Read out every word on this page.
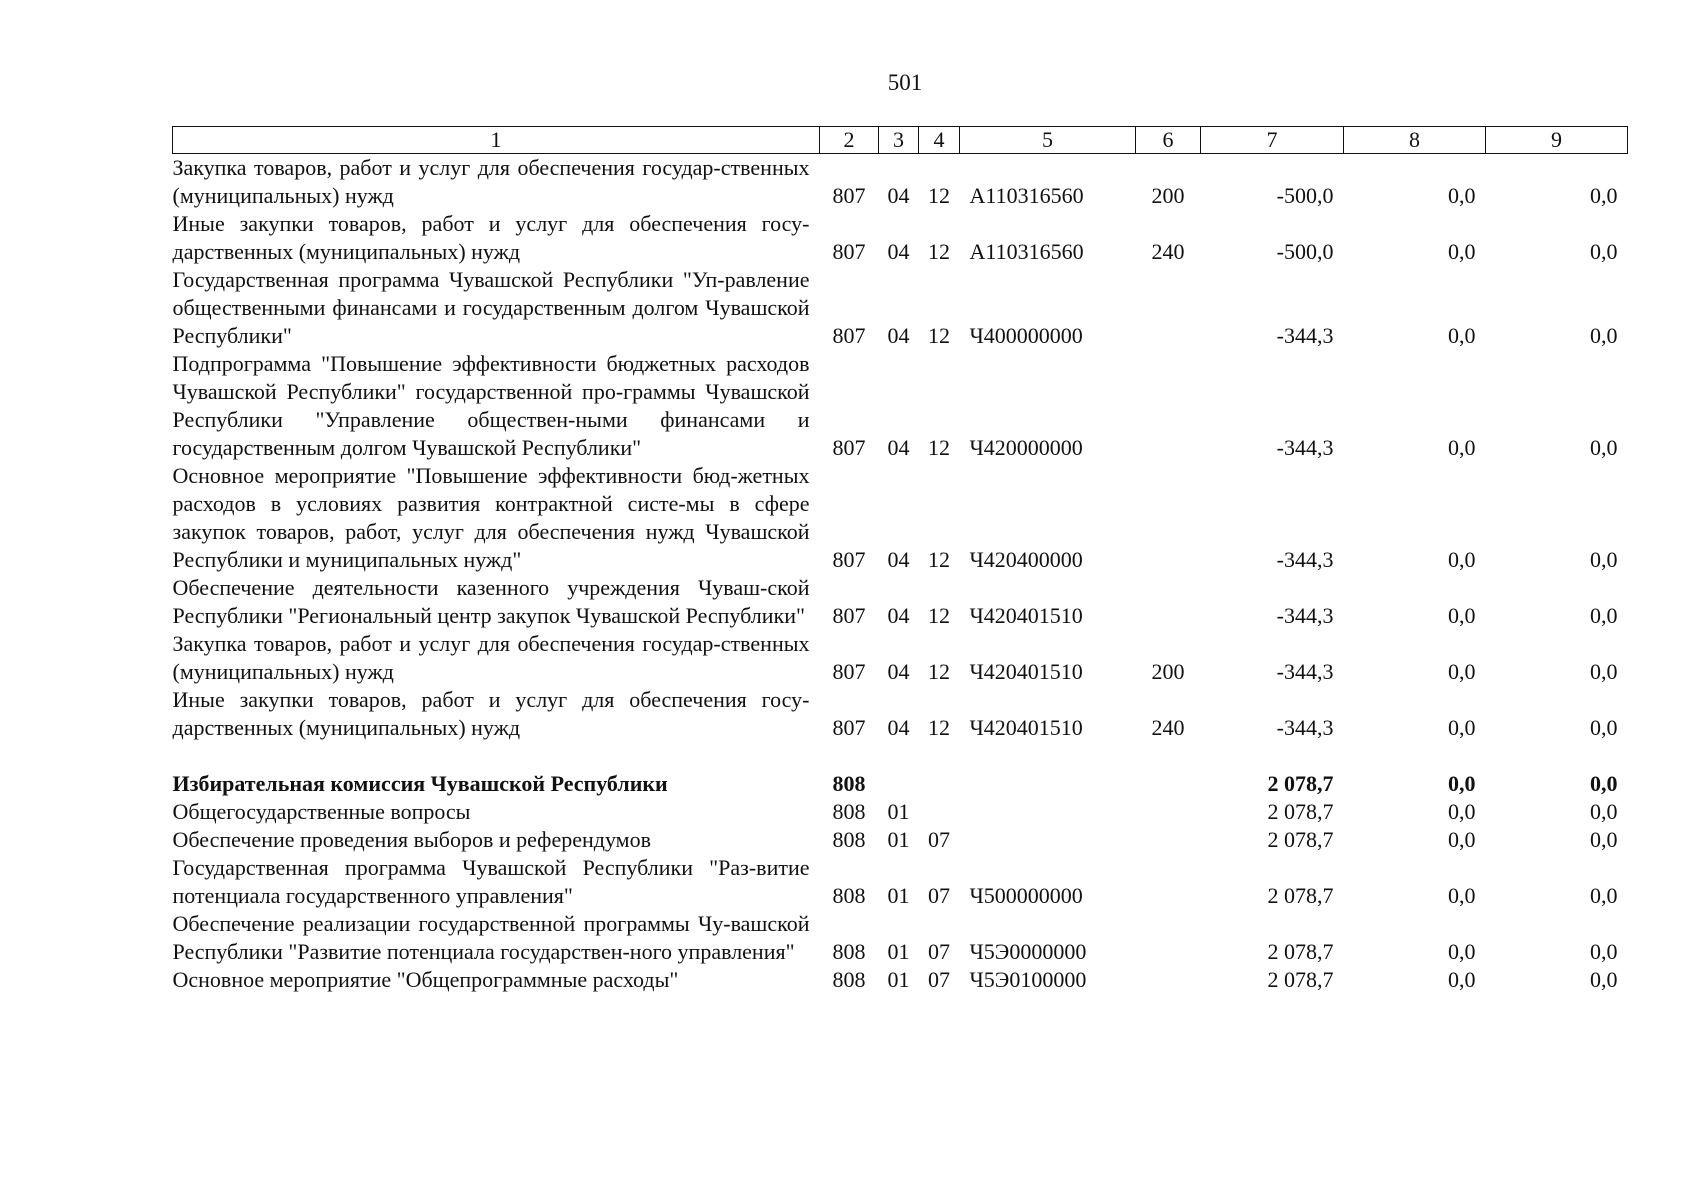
501
1	2	3	4	5	6	7	8	9
Закупка товаров, работ и услуг для обеспечения государ-ственных (муниципальных) нужд	807	04	12	А110316560	200	-500,0	0,0	0,0
Иные закупки товаров, работ и услуг для обеспечения госу-дарственных (муниципальных) нужд	807	04	12	А110316560	240	-500,0	0,0	0,0
Государственная программа Чувашской Республики "Уп-равление общественными финансами и государственным долгом Чувашской Республики"	807	04	12	Ч400000000		-344,3	0,0	0,0
Подпрограмма "Повышение эффективности бюджетных расходов Чувашской Республики" государственной про-граммы Чувашской Республики "Управление обществен-ными финансами и государственным долгом Чувашской Республики"	807	04	12	Ч420000000		-344,3	0,0	0,0
Основное мероприятие "Повышение эффективности бюд-жетных расходов в условиях развития контрактной систе-мы в сфере закупок товаров, работ, услуг для обеспечения нужд Чувашской Республики и муниципальных нужд"	807	04	12	Ч420400000		-344,3	0,0	0,0
Обеспечение деятельности казенного учреждения Чуваш-ской Республики "Региональный центр закупок Чувашской Республики"	807	04	12	Ч420401510		-344,3	0,0	0,0
Закупка товаров, работ и услуг для обеспечения государ-ственных (муниципальных) нужд	807	04	12	Ч420401510	200	-344,3	0,0	0,0
Иные закупки товаров, работ и услуг для обеспечения госу-дарственных (муниципальных) нужд	807	04	12	Ч420401510	240	-344,3	0,0	0,0

Избирательная комиссия Чувашской Республики	808					2 078,7	0,0	0,0
Общегосударственные вопросы	808	01				2 078,7	0,0	0,0
Обеспечение проведения выборов и референдумов	808	01	07			2 078,7	0,0	0,0
Государственная программа Чувашской Республики "Раз-витие потенциала государственного управления"	808	01	07	Ч500000000		2 078,7	0,0	0,0
Обеспечение реализации государственной программы Чу-вашской Республики "Развитие потенциала государствен-ного управления"	808	01	07	Ч5Э0000000		2 078,7	0,0	0,0
Основное мероприятие "Общепрограммные расходы"	808	01	07	Ч5Э0100000		2 078,7	0,0	0,0
